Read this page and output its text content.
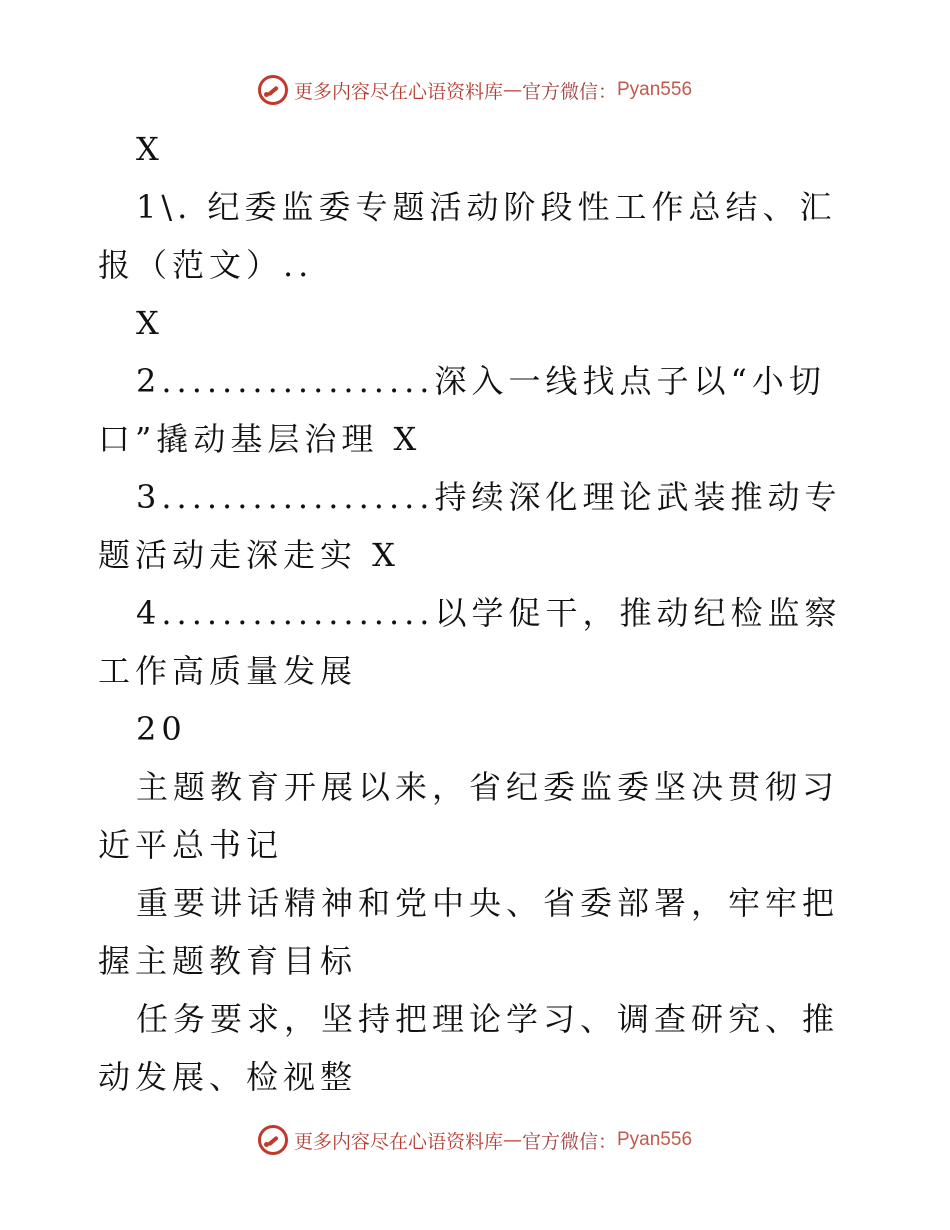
更多内容尽在心语资料库 — 官方微信： Pyan556

X

1\. 纪委监委专题活动阶段性工作总结、汇报（范文）..

X

2..................深入一线找点子以“小切口”撬动基层治理 X

3..................持续深化理论武装推动专题活动走深走实 X

4..................以学促干，推动纪检监察工作高质量发展

20

主题教育开展以来，省纪委监委坚决贯彻习近平总书记

重要讲话精神和党中央、省委部署，牢牢把握主题教育目标

任务要求，坚持把理论学习、调查研究、推动发展、检视整

更多内容尽在心语资料库 — 官方微信： Pyan556
